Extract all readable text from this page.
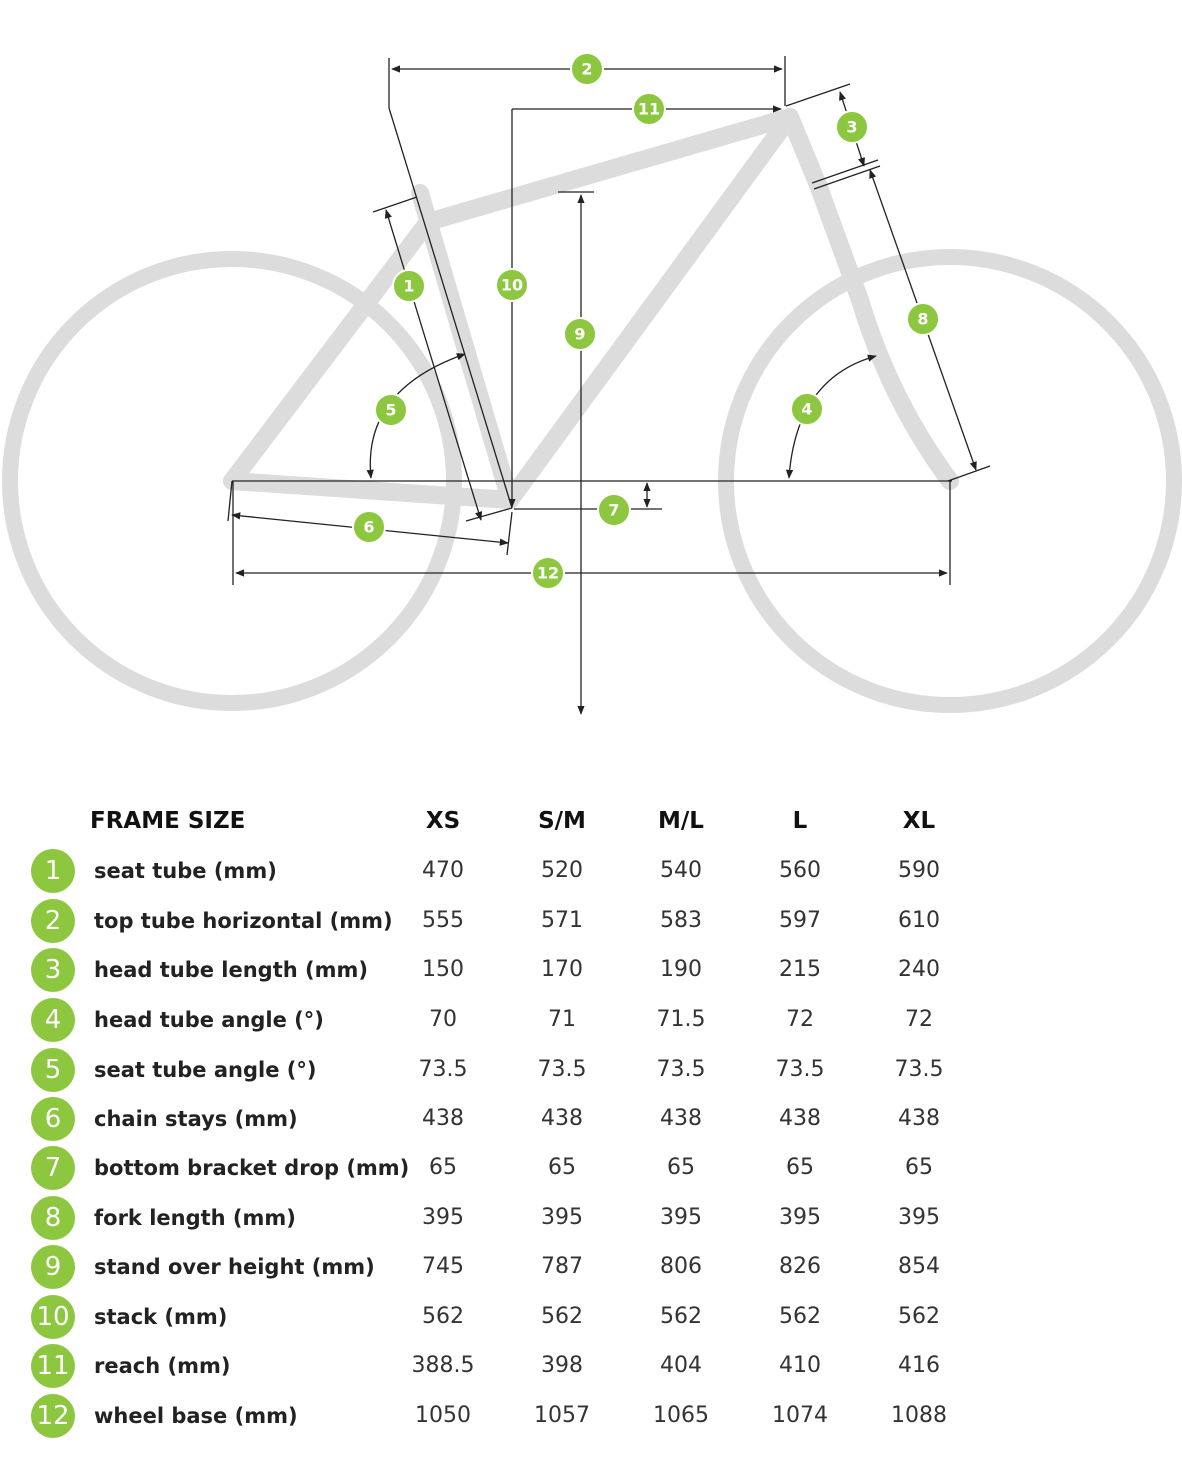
2
11
3
1	10
9
8
5	4
7
6
12
FRAME SIZE	XS	S/M	M/L	L	XL
1	seat tube (mm)	470	520	540	560	590
2	top tube horizontal (mm)	555	571	583	597	610
3	head tube length (mm)	150	170	190	215	240
4	head tube angle (°)	70	71	71.5	72	72
5	seat tube angle (°)	73.5	73.5	73.5	73.5	73.5
6	chain stays (mm)	438	438	438	438	438
7	bottom bracket drop (mm) 65	65	65	65	65
8	fork length (mm)	395	395	395	395	395
9	stand over height (mm)	745	787	806	826	854
10 stack (mm)	562	562	562	562	562
11 reach (mm)	388.5	398	404	410	416
12 wheel base (mm)	1050	1057	1065	1074	1088
